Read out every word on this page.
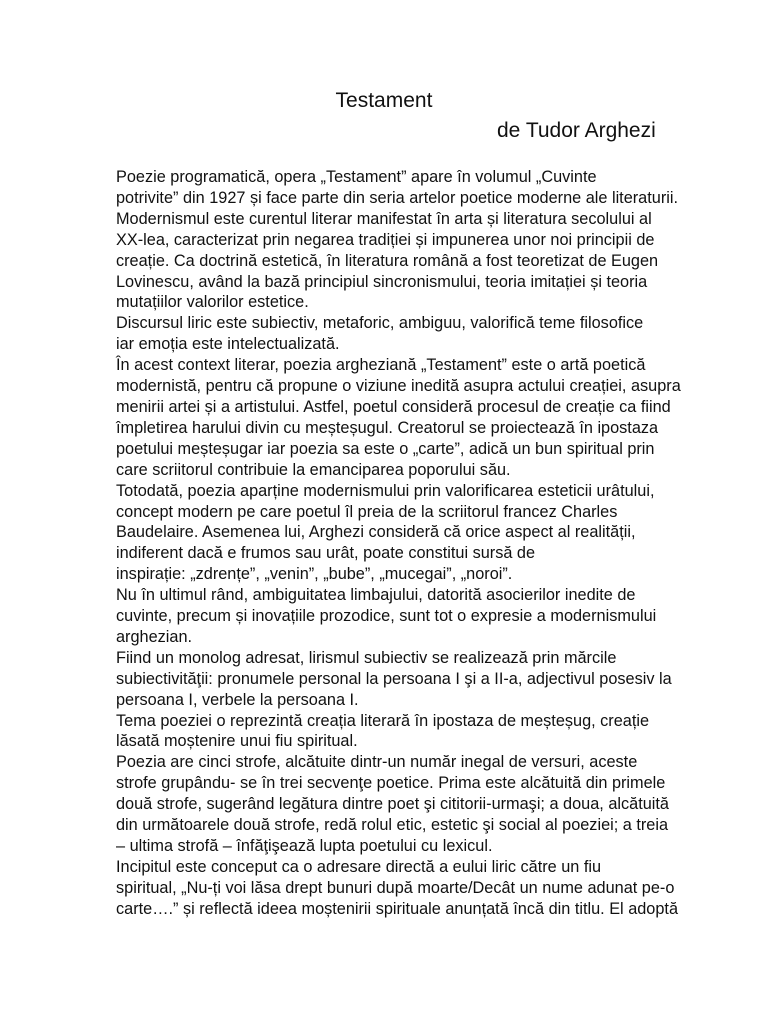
Testament
de Tudor Arghezi

Poezie programatică, opera „Testament” apare în volumul „Cuvinte
potrivite” din 1927 și face parte din seria artelor poetice moderne ale literaturii.

Modernismul este curentul literar manifestat în arta și literatura secolului al
XX-lea, caracterizat prin negarea tradiției și impunerea unor noi principii de
creație. Ca doctrină estetică, în literatura română a fost teoretizat de Eugen
Lovinescu, având la bază principiul sincronismului, teoria imitației și teoria
mutațiilor valorilor estetice.

Discursul liric este subiectiv, metaforic, ambiguu, valorifică teme filosofice
iar emoția este intelectualizată.

În acest context literar, poezia argheziană „Testament” este o artă poetică
modernistă, pentru că propune o viziune inedită asupra actului creației, asupra
menirii artei și a artistului. Astfel, poetul consideră procesul de creație ca fiind
împletirea harului divin cu meșteșugul. Creatorul se proiectează în ipostaza
poetului meșteșugar iar poezia sa este o „carte”, adică un bun spiritual prin
care scriitorul contribuie la emanciparea poporului său.

Totodată, poezia aparține modernismului prin valorificarea esteticii urâtului,
concept modern pe care poetul îl preia de la scriitorul francez Charles
Baudelaire. Asemenea lui, Arghezi consideră că orice aspect al realității,
indiferent dacă e frumos sau urât, poate constitui sursă de
inspirație: „zdrențe”, „venin”, „bube”, „mucegai”, „noroi”.

Nu în ultimul rând, ambiguitatea limbajului, datorită asocierilor inedite de
cuvinte, precum și inovațiile prozodice, sunt tot o expresie a modernismului
arghezian.

Fiind un monolog adresat, lirismul subiectiv se realizează prin mărcile
subiectivităţii: pronumele personal la persoana I şi a II-a, adjectivul posesiv la
persoana I, verbele la persoana I.

Tema poeziei o reprezintă creația literară în ipostaza de meșteșug, creație
lăsată moștenire unui fiu spiritual.

Poezia are cinci strofe, alcătuite dintr-un număr inegal de versuri, aceste
strofe grupându- se în trei secvenţe poetice. Prima este alcătuită din primele
două strofe, sugerând legătura dintre poet şi cititorii-urmaşi; a doua, alcătuită
din următoarele două strofe, redă rolul etic, estetic şi social al poeziei; a treia
– ultima strofă – înfăţişează lupta poetului cu lexicul.

Incipitul este conceput ca o adresare directă a eului liric către un fiu
spiritual, „Nu-ți voi lăsa drept bunuri după moarte/Decât un nume adunat pe-o
carte….” și reflectă ideea moștenirii spirituale anunțată încă din titlu. El adoptă
